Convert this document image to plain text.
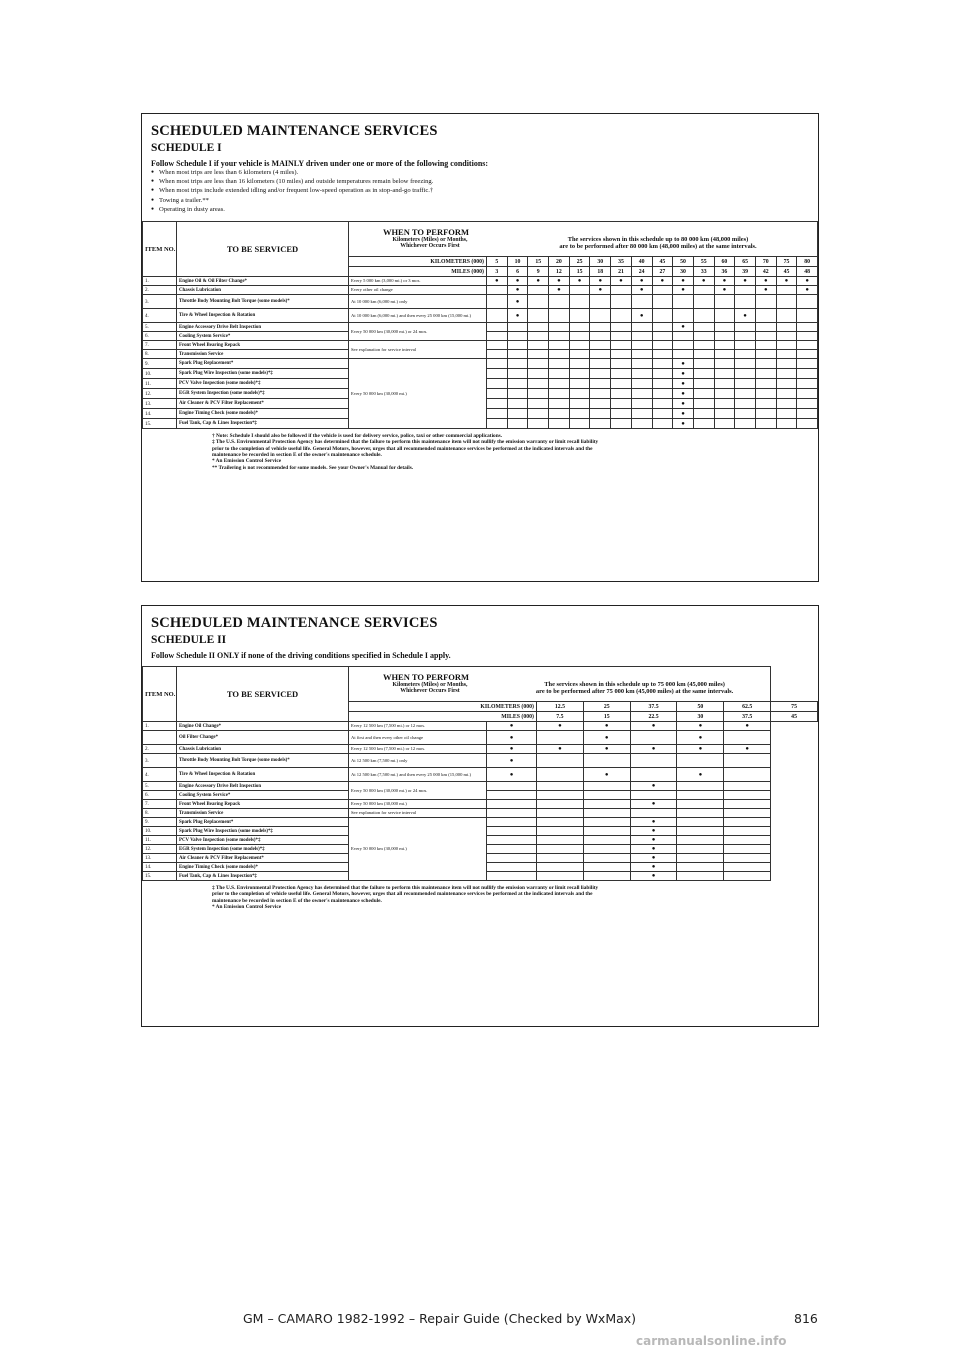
SCHEDULED MAINTENANCE SERVICES
SCHEDULE I
Follow Schedule I if your vehicle is MAINLY driven under one or more of the following conditions:
● When most trips are less than 6 kilometers (4 miles).
● When most trips are less than 16 kilometers (10 miles) and outside temperatures remain below freezing.
● When most trips include extended idling and/or frequent low-speed operation as in stop-and-go traffic.†
● Towing a trailer.**
● Operating in dusty areas.
ITEM NO.	TO BE SERVICED	WHEN TO PERFORM
Kilometers (Miles) or Months,
Whichever Occurs First
The services shown in this schedule up to 80 000 km (48,000 miles)
are to be performed after 80 000 km (48,000 miles) at the same intervals.																

		KILOMETERS (000)	5	10	15	20	25	30	35	40	45	50	55	60	65	70	75	80
		MILES (000)	3	6	9	12	15	18	21	24	27	30	33	36	39	42	45	48
1.	Engine Oil & Oil Filter Change*	Every 5 000 km (3,000 mi.) or 3 mos.	●	●	●	●	●	●	●	●	●	●	●	●	●	●	●	●
2.	Chassis Lubrication	Every other oil change		●		●		●		●		●		●		●		●
3.	Throttle Body Mounting Bolt Torque (some models)*	At 10 000 km (6,000 mi.) only		●														
4.	Tire & Wheel Inspection & Rotation	At 10 000 km (6,000 mi.) and then every 25 000 km (15,000 mi.)		●						●					●			
5.	Engine Accessory Drive Belt Inspection	Every 50 000 km (30,000 mi.) or 24 mos.										●						
6.	Cooling System Service*																	
7.	Front Wheel Bearing Repack	See explanation for service interval																
8.	Transmission Service																	
9.	Spark Plug Replacement*	Every 50 000 km (30,000 mi.)										●						
10.	Spark Plug Wire Inspection (some models)*‡											●						
11.	PCV Valve Inspection (some models)*‡											●						
12.	EGR System Inspection (some models)*‡											●						
13.	Air Cleaner & PCV Filter Replacement*											●						
14.	Engine Timing Check (some models)*											●						
15.	Fuel Tank, Cap & Lines Inspection*‡											●						
† Note: Schedule I should also be followed if the vehicle is used for delivery service, police, taxi or other commercial applications.
‡ The U.S. Environmental Protection Agency has determined that the failure to perform this maintenance item will not nullify the emission warranty or limit recall liability
prior to the completion of vehicle useful life. General Motors, however, urges that all recommended maintenance services be performed at the indicated intervals and the
maintenance be recorded in section E of the owner's maintenance schedule.
* An Emission Control Service
** Trailering is not recommended for some models. See your Owner's Manual for details.
SCHEDULED MAINTENANCE SERVICES
SCHEDULE II
Follow Schedule II ONLY if none of the driving conditions specified in Schedule I apply.
ITEM NO.	TO BE SERVICED	WHEN TO PERFORM
Kilometers (Miles) or Months,
Whichever Occurs First
The services shown in this schedule up to 75 000 km (45,000 miles)
are to be performed after 75 000 km (45,000 miles) at the same intervals.							

		KILOMETERS (000)		12.5	25	37.5	50	62.5	75
		MILES (000)		7.5	15	22.5	30	37.5	45
1.	Engine Oil Change*	Every 12 500 km (7,500 mi.) or 12 mos.	●	●	●	●	●	●	
	Oil Filter Change*	At first and then every other oil change	●		●		●		
2.	Chassis Lubrication	Every 12 500 km (7,500 mi.) or 12 mos.	●	●	●	●	●	●	
3.	Throttle Body Mounting Bolt Torque (some models)*	At 12 500 km (7,500 mi.) only	●						
4.	Tire & Wheel Inspection & Rotation	At 12 500 km (7,500 mi.) and then every 25 000 km (15,000 mi.)	●		●		●		
5.	Engine Accessory Drive Belt Inspection	Every 50 000 km (30,000 mi.) or 24 mos.				●			
6.	Cooling System Service*								
7.	Front Wheel Bearing Repack	Every 50 000 km (30,000 mi.)				●			
8.	Transmission Service	See explanation for service interval							
9.	Spark Plug Replacement*	Every 50 000 km (30,000 mi.)				●			
10.	Spark Plug Wire Inspection (some models)*‡					●			
11.	PCV Valve Inspection (some models)*‡					●			
12.	EGR System Inspection (some models)*‡					●			
13.	Air Cleaner & PCV Filter Replacement*					●			
14.	Engine Timing Check (some models)*					●			
15.	Fuel Tank, Cap & Lines Inspection*‡					●			
‡ The U.S. Environmental Protection Agency has determined that the failure to perform this maintenance item will not nullify the emission warranty or limit recall liability
prior to the completion of vehicle useful life. General Motors, however, urges that all recommended maintenance services be performed at the indicated intervals and the
maintenance be recorded in section E of the owner's maintenance schedule.
* An Emission Control Service
GM – CAMARO 1982-1992 – Repair Guide (Checked by WxMax)	816
carmanualsonline.info
